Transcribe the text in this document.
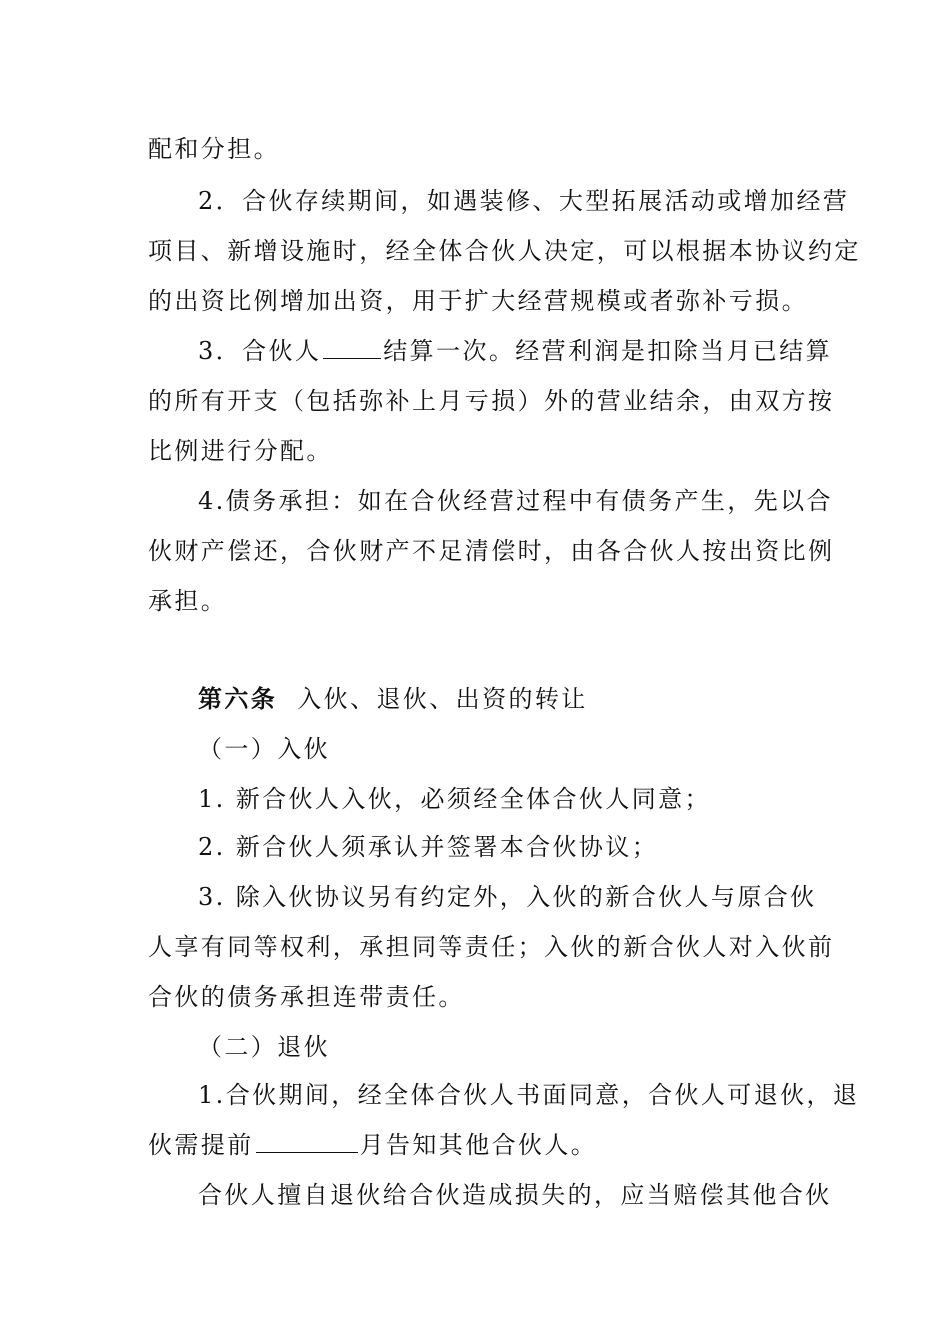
配和分担。
2．合伙存续期间，如遇装修、大型拓展活动或增加经营
项目、新增设施时，经全体合伙人决定，可以根据本协议约定
的出资比例增加出资，用于扩大经营规模或者弥补亏损。
3．合伙人	结算一次。经营利润是扣除当月已结算
的所有开支（包括弥补上月亏损）外的营业结余，由双方按
比例进行分配。
4.债务承担：如在合伙经营过程中有债务产生，先以合
伙财产偿还，合伙财产不足清偿时，由各合伙人按出资比例
承担。
第六条 入伙、退伙、出资的转让
（一）入伙
1. 新合伙人入伙，必须经全体合伙人同意；
2. 新合伙人须承认并签署本合伙协议；
3. 除入伙协议另有约定外，入伙的新合伙人与原合伙
人享有同等权利，承担同等责任；入伙的新合伙人对入伙前
合伙的债务承担连带责任。
（二）退伙
1.合伙期间，经全体合伙人书面同意，合伙人可退伙，退
伙需提前	月告知其他合伙人。
合伙人擅自退伙给合伙造成损失的，应当赔偿其他合伙
